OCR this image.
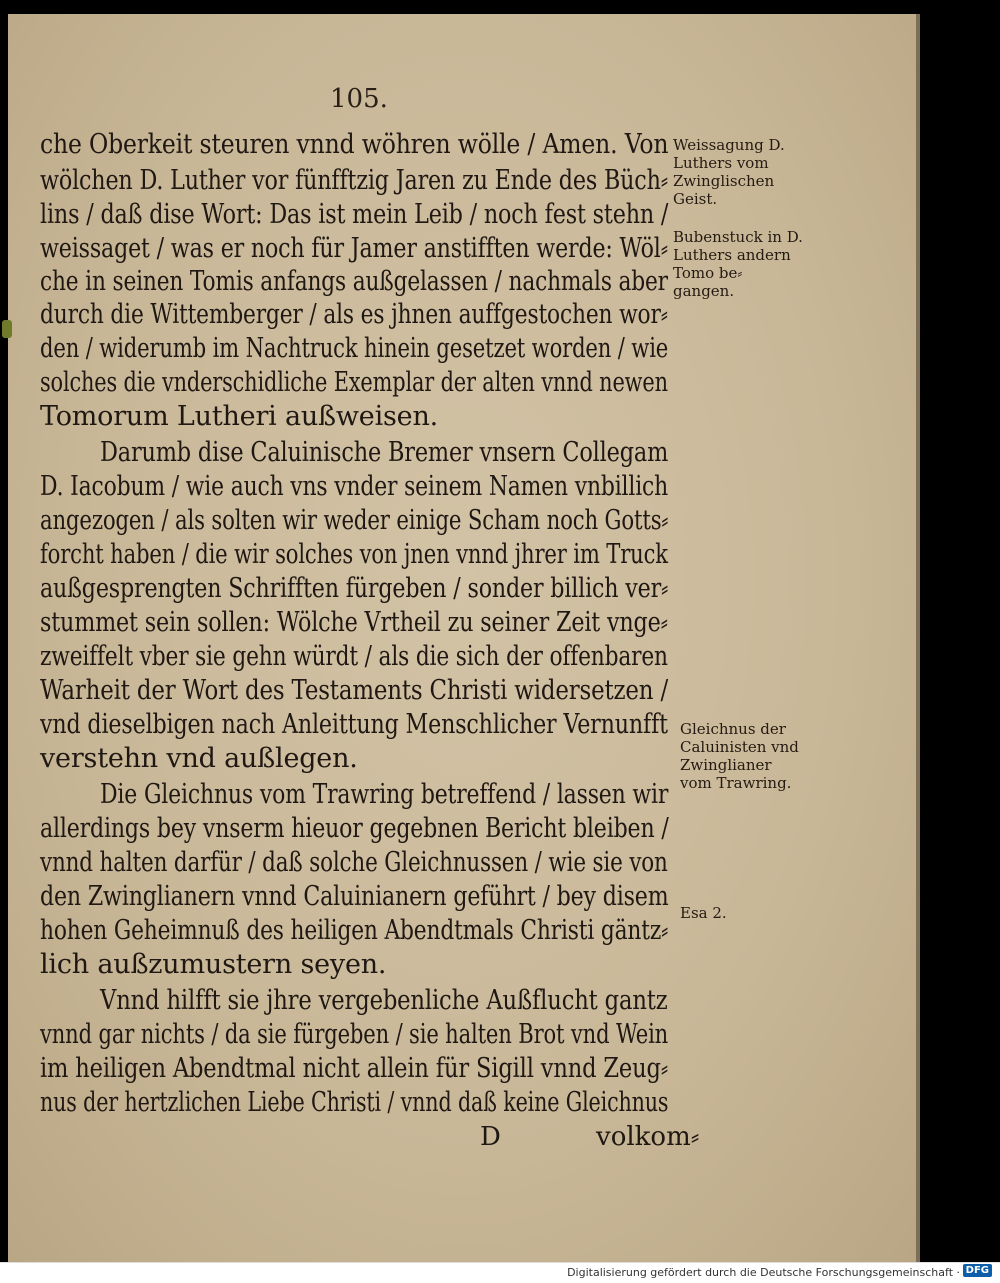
105.
che Oberkeit steuren vnnd wöhren wölle / Amen. Von
wölchen D. Luther vor fünfftzig Jaren zu Ende des Büch⸗
lins / daß dise Wort: Das ist mein Leib / noch fest stehn /
weissaget / was er noch für Jamer anstifften werde: Wöl⸗
che in seinen Tomis anfangs außgelassen / nachmals aber
durch die Wittemberger / als es jhnen auffgestochen wor⸗
den / widerumb im Nachtruck hinein gesetzet worden / wie
solches die vnderschidliche Exemplar der alten vnnd newen
Tomorum Lutheri außweisen.
Darumb dise Caluinische Bremer vnsern Collegam
D. Iacobum / wie auch vns vnder seinem Namen vnbillich
angezogen / als solten wir weder einige Scham noch Gotts⸗
forcht haben / die wir solches von jnen vnnd jhrer im Truck
außgesprengten Schrifften fürgeben / sonder billich ver⸗
stummet sein sollen: Wölche Vrtheil zu seiner Zeit vnge⸗
zweiffelt vber sie gehn würdt / als die sich der offenbaren
Warheit der Wort des Testaments Christi widersetzen /
vnd dieselbigen nach Anleittung Menschlicher Vernunfft
verstehn vnd außlegen.
Die Gleichnus vom Trawring betreffend / lassen wir
allerdings bey vnserm hieuor gegebnen Bericht bleiben /
vnnd halten darfür / daß solche Gleichnussen / wie sie von
den Zwinglianern vnnd Caluinianern geführt / bey disem
hohen Geheimnuß des heiligen Abendtmals Christi gäntz⸗
lich außzumustern seyen.
Vnnd hilfft sie jhre vergebenliche Außflucht gantz
vnnd gar nichts / da sie fürgeben / sie halten Brot vnd Wein
im heiligen Abendtmal nicht allein für Sigill vnnd Zeug⸗
nus der hertzlichen Liebe Christi / vnnd daß keine Gleichnus
D	volkom⸗
Weissagung D.
Luthers vom
Zwinglischen
Geist.
Bubenstuck in D.
Luthers andern
Tomo be⸗
gangen.
Gleichnus der
Caluinisten vnd
Zwinglianer
vom Trawring.
Esa 2.
Digitalisierung gefördert durch die Deutsche Forschungsgemeinschaft · DFG
